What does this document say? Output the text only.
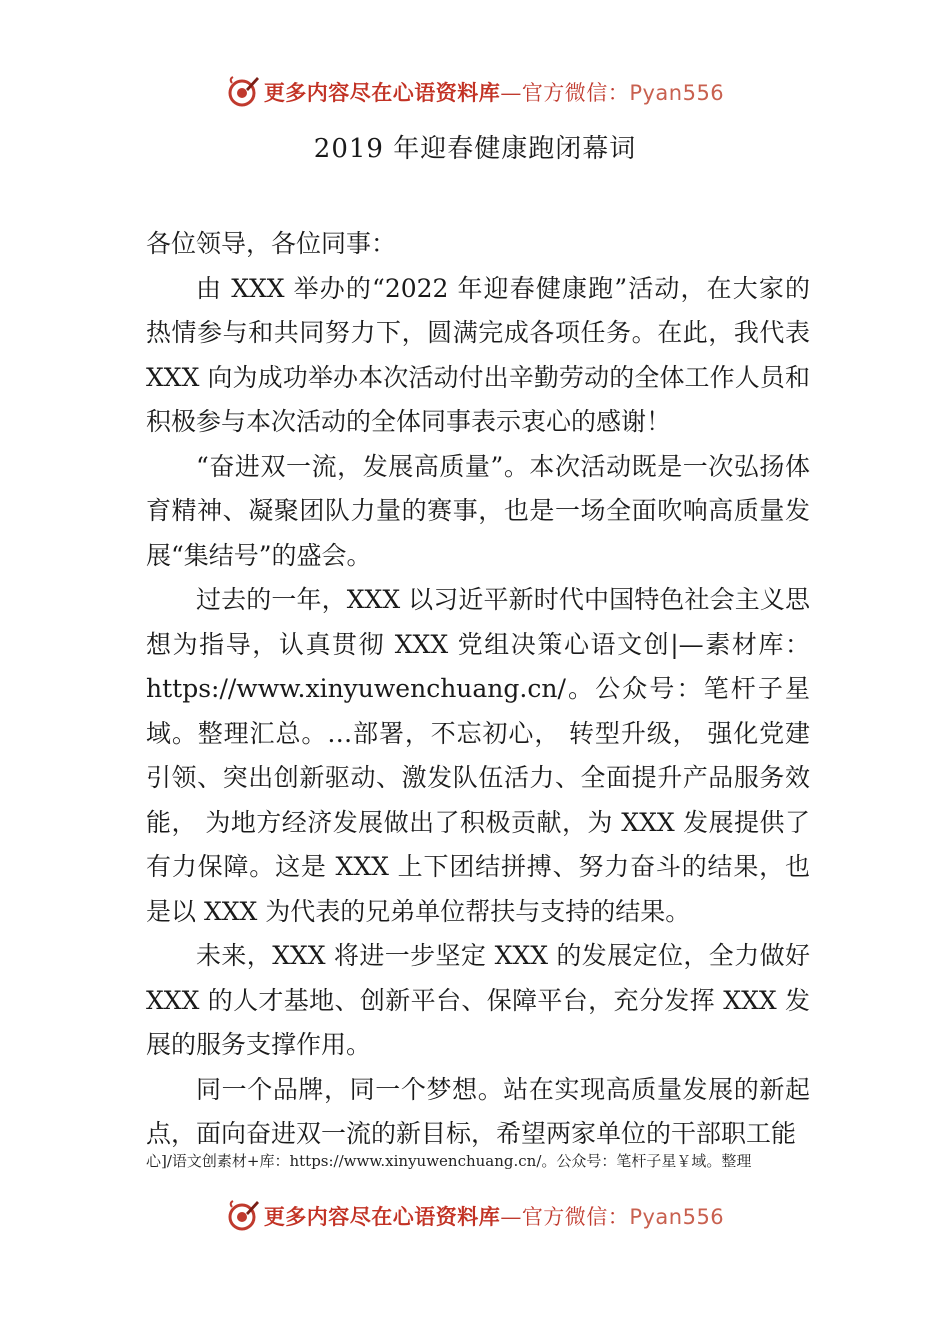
更多内容尽在心语资料库—官方微信：Pyan556
2019 年迎春健康跑闭幕词

各位领导，各位同事：

由 XXX 举办的“2022 年迎春健康跑”活动，在大家的热情参与和共同努力下，圆满完成各项任务。在此，我代表 XXX 向为成功举办本次活动付出辛勤劳动的全体工作人员和积极参与本次活动的全体同事表示衷心的感谢！

“奋进双一流，发展高质量”。本次活动既是一次弘扬体育精神、凝聚团队力量的赛事，也是一场全面吹响高质量发展“集结号”的盛会。

过去的一年，XXX 以习近平新时代中国特色社会主义思想为指导，认真贯彻 XXX 党组决策心语文创|—素材库：https://www.xinyuwenchuang.cn/。公众号：笔杆子星域。整理汇总。…部署，不忘初心， 转型升级， 强化党建引领、突出创新驱动、激发队伍活力、全面提升产品服务效能， 为地方经济发展做出了积极贡献，为 XXX 发展提供了有力保障。这是 XXX 上下团结拼搏、努力奋斗的结果，也是以 XXX 为代表的兄弟单位帮扶与支持的结果。

未来，XXX 将进一步坚定 XXX 的发展定位，全力做好XXX 的人才基地、创新平台、保障平台，充分发挥 XXX 发展的服务支撑作用。

同一个品牌，同一个梦想。站在实现高质量发展的新起点，面向奋进双一流的新目标，希望两家单位的干部职工能

心]/语文创素材+库：https://www.xinyuwenchuang.cn/。公众号：笔杆子星￥域。整理
更多内容尽在心语资料库—官方微信：Pyan556
